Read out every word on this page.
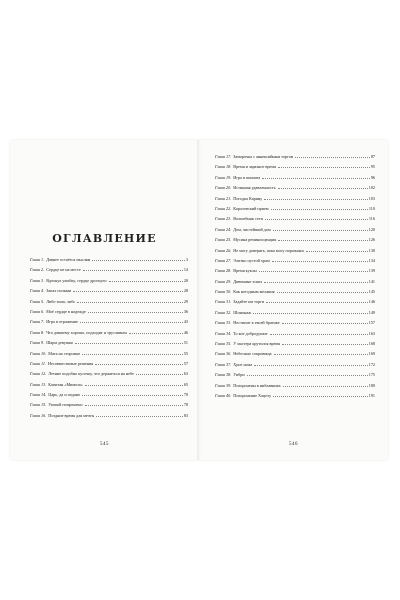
ОГЛАВЛЕНИЕ
Глава 1. Давнее остаётся мыслям	3
Глава 2. Сердце не на месте	14
Глава 3. Вдохнул улыбку, сердце дрогнуло	20
Глава 4. Запах полыни	28
Глава 5. Либо тьма, либо	29
Глава 6. Моё сердце в надежде	36
Глава 7. Игра в отражение	43
Глава 8. Что давшему хорошо, подходит и трусливым	46
Глава 9. Шарм девушки	51
Глава 10. Мать на сторожке	55
Глава 11. Несовместимые решения	57
Глава 12. Летние подобно кусочку, что держиться на небе	63
Глава 13. Капитан «Мимоза»	65
Глава 14. Царь, да и подано	70
Глава 15. Упокой попрошено	78
Глава 16. Поздние время для мечты	83
545
Глава 17. Заморочка с аннексийным торгом	87
Глава 18. Время и заразное время	95
Глава 19. Игра в пинчата	96
Глава 20. Истинная удавленность	102
Глава 21. Погодка Карину	103
Глава 22. Королевский прием	110
Глава 23. Волшебник сети	116
Глава 24. Дом, чистейший дом	120
Глава 25. Мусина реминисценция	126
Глава 26. Не могу доверять, пока могу поражаясь	130
Глава 27. Элитно пустой храм	134
Глава 28. Время куклы	139
Глава 29. Дивенные эскиз	141
Глава 30. Как негодным желания	145
Глава 31. Задайте им торги	146
Глава 32. Шпионаж	149
Глава 33. Нестипит к твоей братике	157
Глава 34. То кое добродушие	163
Глава 35. У мастера крутился время	168
Глава 36. Небесные сокровища	169
Глава 37. Хрое ножа	172
Глава 38. Уибри	175
Глава 39. Похоронены в ниблавниях	180
Глава 40. Похоронение Хацелу	191
546
